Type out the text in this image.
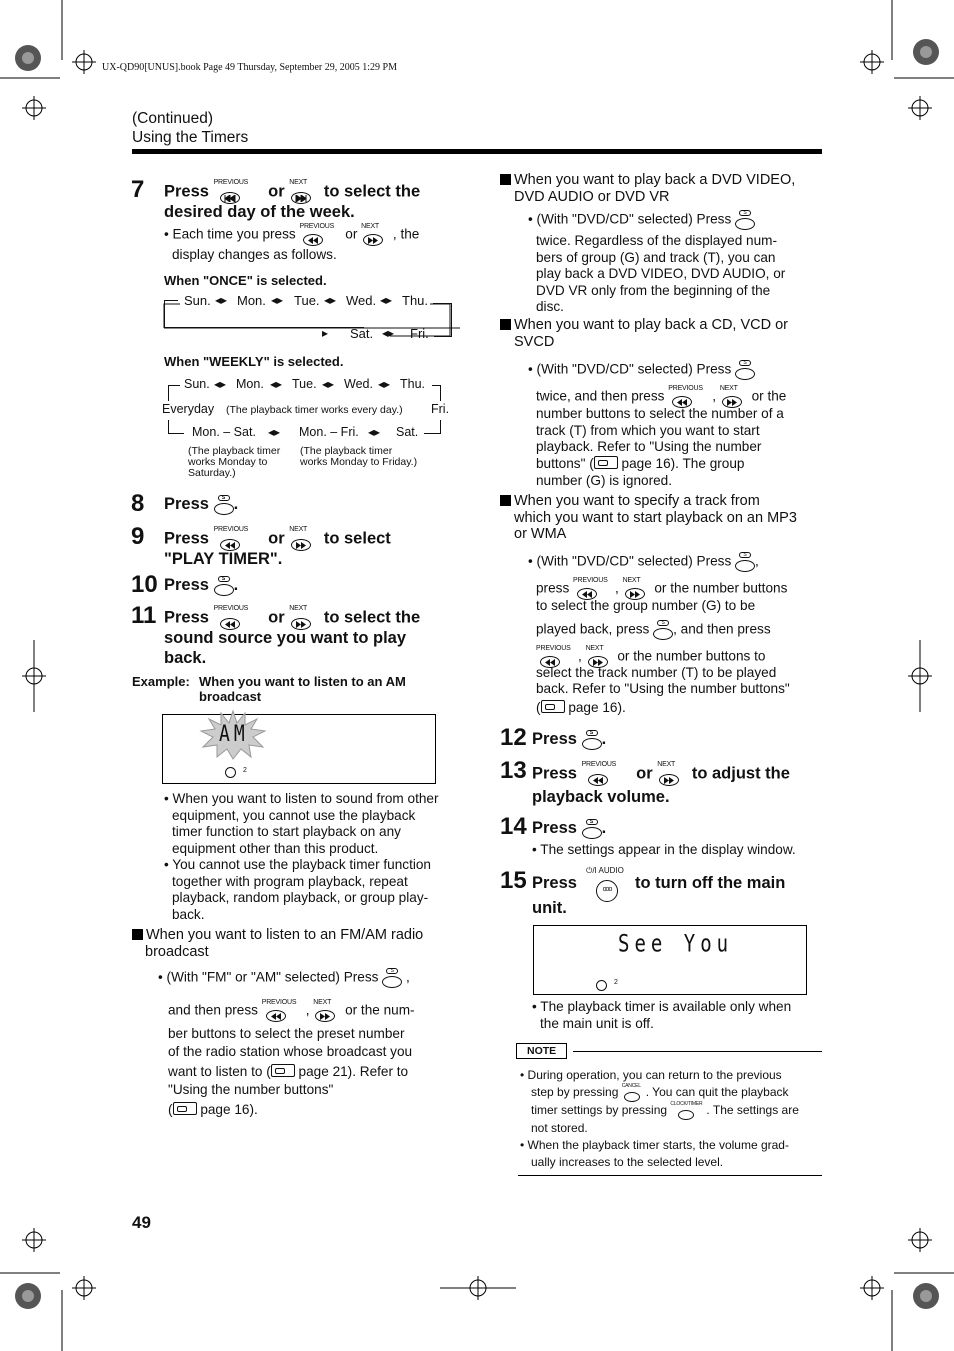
UX-QD90[UNUS].book Page 49 Thursday, September 29, 2005 1:29 PM
(Continued)
Using the Timers
7 Press PREVIOUS or NEXT to select the
desired day of the week.
• Each time you press
PREVIOUS
or
NEXT
, the
display changes as follows.
When "ONCE" is selected.
Sun. ◂▸ Mon. ◂▸ Tue. ◂▸ Wed. ◂▸ Thu.
▸ Sat. ◂▸ Fri.
When "WEEKLY" is selected.
Sun. ◂▸ Mon. ◂▸ Tue. ◂▸ Wed. ◂▸ Thu.
Everyday (The playback timer works every day.) Fri.
Mon. – Sat. ◂▸ Mon. – Fri. ◂▸ Sat.
(The playback timer
works Monday to
Saturday.)
(The playback timer
works Monday to Friday.)
8 Press	S .
9 Press PREVIOUS or NEXT to select
"PLAY TIMER".
10 Press	S .
11 Press PREVIOUS or NEXT to select the
sound source you want to play
back.
Example: When you want to listen to an AM
broadcast
AM
2
• When you want to listen to sound from other
equipment, you cannot use the playback
timer function to start playback on any
equipment other than this product.
• You cannot use the playback timer function
together with program playback, repeat
playback, random playback, or group play-
back.
When you want to listen to an FM/AM radio
broadcast
• (With "FM" or "AM" selected) Press	S ,
and then press
PREVIOUS
,
NEXT
or the num-
ber buttons to select the preset number
of the radio station whose broadcast you
want to listen to ( page 21). Refer to
"Using the number buttons"
( page 16).
49
When you want to play back a DVD VIDEO,
DVD AUDIO or DVD VR
• (With "DVD/CD" selected) Press	S
twice. Regardless of the displayed num-
bers of group (G) and track (T), you can
play back a DVD VIDEO, DVD AUDIO, or
DVD VR only from the beginning of the
disc.
When you want to play back a CD, VCD or
SVCD
• (With "DVD/CD" selected) Press	S
twice, and then press
PREVIOUS
,
NEXT
or the
number buttons to select the number of a
track (T) from which you want to start
playback. Refer to "Using the number
buttons" ( page 16). The group
number (G) is ignored.
When you want to specify a track from
which you want to start playback on an MP3
or WMA
• (With "DVD/CD" selected) Press	S ,
press
PREVIOUS
,
NEXT
or the number buttons
to select the group number (G) to be
played back, press	S , and then press
PREVIOUS
,
NEXT
or the number buttons to
select the track number (T) to be played
back. Refer to "Using the number buttons"
( page 16).
12 Press	S .
13 Press PREVIOUS or NEXT to adjust the
playback volume.
14 Press	S .
• The settings appear in the display window.
15 Press
⏻/I AUDIO
ooo	to turn off the main
unit.
See You
2
• The playback timer is available only when
the main unit is off.
NOTE
• During operation, you can return to the previous
step by pressing CANCEL . You can quit the playback
timer settings by pressing CLOCK/TIMER . The settings are
not stored.
• When the playback timer starts, the volume grad-
ually increases to the selected level.
